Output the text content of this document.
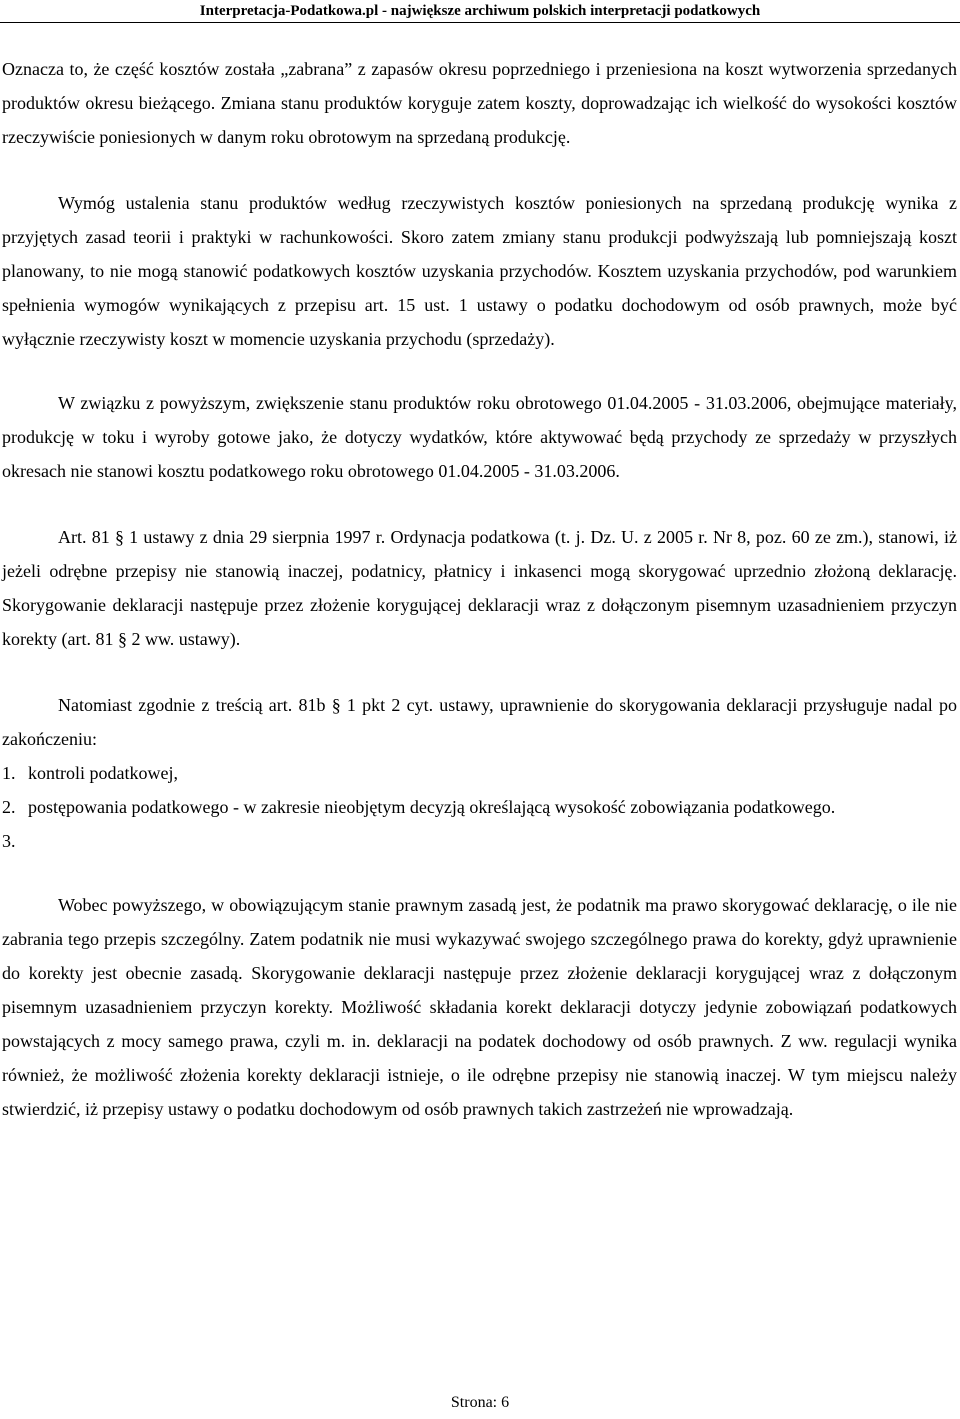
Interpretacja-Podatkowa.pl - największe archiwum polskich interpretacji podatkowych

Oznacza to, że część kosztów została „zabrana” z zapasów okresu poprzedniego i przeniesiona na koszt wytworzenia sprzedanych produktów okresu bieżącego. Zmiana stanu produktów koryguje zatem koszty, doprowadzając ich wielkość do wysokości kosztów rzeczywiście poniesionych w danym roku obrotowym na sprzedaną produkcję.

Wymóg ustalenia stanu produktów według rzeczywistych kosztów poniesionych na sprzedaną produkcję wynika z przyjętych zasad teorii i praktyki w rachunkowości. Skoro zatem zmiany stanu produkcji podwyższają lub pomniejszają koszt planowany, to nie mogą stanowić podatkowych kosztów uzyskania przychodów. Kosztem uzyskania przychodów, pod warunkiem spełnienia wymogów wynikających z przepisu art. 15 ust. 1 ustawy o podatku dochodowym od osób prawnych, może być wyłącznie rzeczywisty koszt w momencie uzyskania przychodu (sprzedaży).

W związku z powyższym, zwiększenie stanu produktów roku obrotowego 01.04.2005 - 31.03.2006, obejmujące materiały, produkcję w toku i wyroby gotowe jako, że dotyczy wydatków, które aktywować będą przychody ze sprzedaży w przyszłych okresach nie stanowi kosztu podatkowego roku obrotowego 01.04.2005 - 31.03.2006.

Art. 81 § 1 ustawy z dnia 29 sierpnia 1997 r. Ordynacja podatkowa (t. j. Dz. U. z 2005 r. Nr 8, poz. 60 ze zm.), stanowi, iż jeżeli odrębne przepisy nie stanowią inaczej, podatnicy, płatnicy i inkasenci mogą skorygować uprzednio złożoną deklarację. Skorygowanie deklaracji następuje przez złożenie korygującej deklaracji wraz z dołączonym pisemnym uzasadnieniem przyczyn korekty (art. 81 § 2 ww. ustawy).

Natomiast zgodnie z treścią art. 81b § 1 pkt 2 cyt. ustawy, uprawnienie do skorygowania deklaracji przysługuje nadal po zakończeniu:

1. kontroli podatkowej,
2. postępowania podatkowego - w zakresie nieobjętym decyzją określającą wysokość zobowiązania podatkowego.
3.

Wobec powyższego, w obowiązującym stanie prawnym zasadą jest, że podatnik ma prawo skorygować deklarację, o ile nie zabrania tego przepis szczególny. Zatem podatnik nie musi wykazywać swojego szczególnego prawa do korekty, gdyż uprawnienie do korekty jest obecnie zasadą. Skorygowanie deklaracji następuje przez złożenie deklaracji korygującej wraz z dołączonym pisemnym uzasadnieniem przyczyn korekty. Możliwość składania korekt deklaracji dotyczy jedynie zobowiązań podatkowych powstających z mocy samego prawa, czyli m. in. deklaracji na podatek dochodowy od osób prawnych. Z ww. regulacji wynika również, że możliwość złożenia korekty deklaracji istnieje, o ile odrębne przepisy nie stanowią inaczej. W tym miejscu należy stwierdzić, iż przepisy ustawy o podatku dochodowym od osób prawnych takich zastrzeżeń nie wprowadzają.

Strona: 6
